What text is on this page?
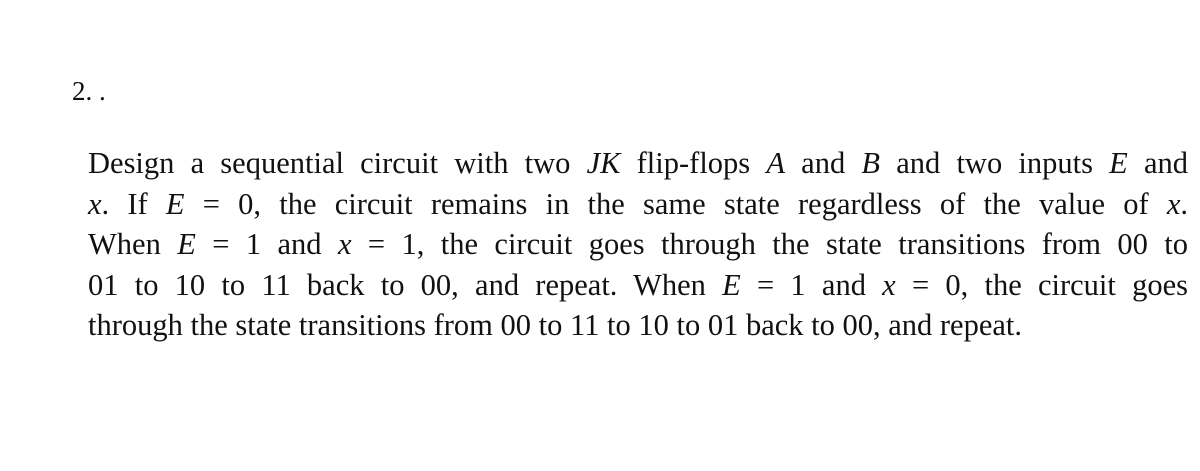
2. .
Design a sequential circuit with two JK flip-flops A and B and two inputs E and
x. If E = 0, the circuit remains in the same state regardless of the value of x.
When E = 1 and x = 1, the circuit goes through the state transitions from 00 to
01 to 10 to 11 back to 00, and repeat. When E = 1 and x = 0, the circuit goes
through the state transitions from 00 to 11 to 10 to 01 back to 00, and repeat.
